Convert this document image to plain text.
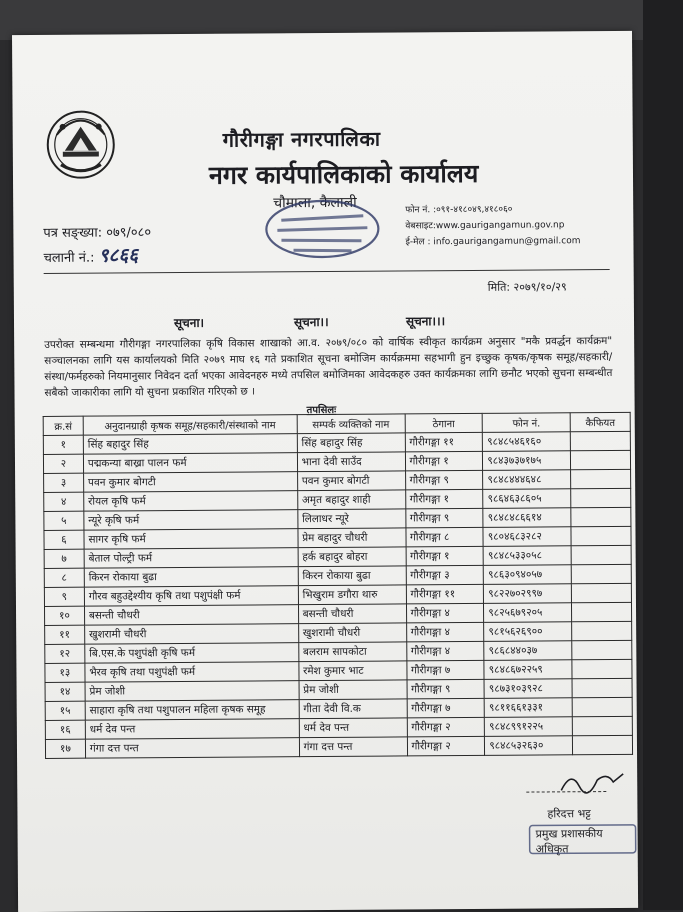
गौरीगङ्गा नगरपालिका
नगर कार्यपालिकाको कार्यालय
चौमाला, कैलाली
पत्र सङ्ख्या: ०७९/०८०
चलानी नं.: ९८६६
फोन नं. :०९१-४१८०४९,४१८०६०
वेबसाइट:www.gaurigangamun.gov.np
ई-मेल : info.gaurigangamun@gmail.com
मिति: २०७९/१०/२९
सूचना।	सूचना।।	सूचना।।।
उपरोक्त सम्बन्धमा गौरीगङ्गा नगरपालिका कृषि विकास शाखाको आ.व. २०७९/०८० को वार्षिक स्वीकृत कार्यक्रम अनुसार "मकै प्रवर्द्धन कार्यक्रम" सञ्चालनका लागि यस कार्यालयको मिति २०७९ माघ १६ गते प्रकाशित सूचना बमोजिम कार्यक्रममा सहभागी हुन इच्छुक कृषक/कृषक समूह/सहकारी/संस्था/फर्महरुको नियमानुसार निवेदन दर्ता भएका आवेदनहरु मध्ये तपसिल बमोजिमका आवेदकहरु उक्त कार्यक्रमका लागि छनौट भएको सुचना सम्बन्धीत सबैको जाकारीका लागि यो सुचना प्रकाशित गरिएको छ ।
तपसिलः
क्र.सं	अनुदानग्राही कृषक समूह/सहकारी/संस्थाको नाम	सम्पर्क व्यक्तिको नाम	ठेगाना	फोन नं.	कैफियत
१	सिंह बहादुर सिंह	सिंह बहादुर सिंह	गौरीगङ्गा ११	९८४८५४६१६०	
२	पद्मकन्या बाख्रा पालन फर्म	भाना देवी साउँद	गौरीगङ्गा १	९८४३७३७१७५	
३	पवन कुमार बोगटी	पवन कुमार बोगटी	गौरीगङ्गा ९	९८४८४४४६४८	
४	रोयल कृषि फर्म	अमृत बहादुर शाही	गौरीगङ्गा १	९८६४६३८६०५	
५	न्यूरे कृषि फर्म	लिलाधर न्यूरे	गौरीगङ्गा ९	९८४८४८६६१४	
६	सागर कृषि फर्म	प्रेम बहादुर चौधरी	गौरीगङ्गा ८	९८०४६८३२८२	
७	बेताल पोल्ट्री फर्म	हर्क बहादुर बोहरा	गौरीगङ्गा १	९८४८५३३०५८	
८	किरन रोकाया बुढा	किरन रोकाया बुढा	गौरीगङ्गा ३	९८६३०९४०५७	
९	गौरव बहुउद्देश्यीय कृषि तथा पशुपंक्षी फर्म	भिखुराम डगौरा थारु	गौरीगङ्गा ११	९८२२७०२९९७	
१०	बसन्ती चौधरी	बसन्ती चौधरी	गौरीगङ्गा ४	९८२५६७९२०५	
११	खुशरामी चौधरी	खुशरामी चौधरी	गौरीगङ्गा ४	९८१५६२६९००	
१२	बि.एस.के पशुपंक्षी कृषि फर्म	बलराम सापकोटा	गौरीगङ्गा ४	९८६८४४०३७	
१३	भैरव कृषि तथा पशुपंक्षी फर्म	रमेश कुमार भाट	गौरीगङ्गा ७	९८४८६७२२५९	
१४	प्रेम जोशी	प्रेम जोशी	गौरीगङ्गा ९	९८७३१०३९२८	
१५	साहारा कृषि तथा पशुपालन महिला कृषक समूह	गीता देवी वि.क	गौरीगङ्गा ७	९८११६६१३३१	
१६	धर्म देव पन्त	धर्म देव पन्त	गौरीगङ्गा २	९८४८९९१२२५	
१७	गंगा दत्त पन्त	गंगा दत्त पन्त	गौरीगङ्गा २	९८४८५३२६३०	
हरिदत्त भट्ट
प्रमुख प्रशासकीय अधिकृत
